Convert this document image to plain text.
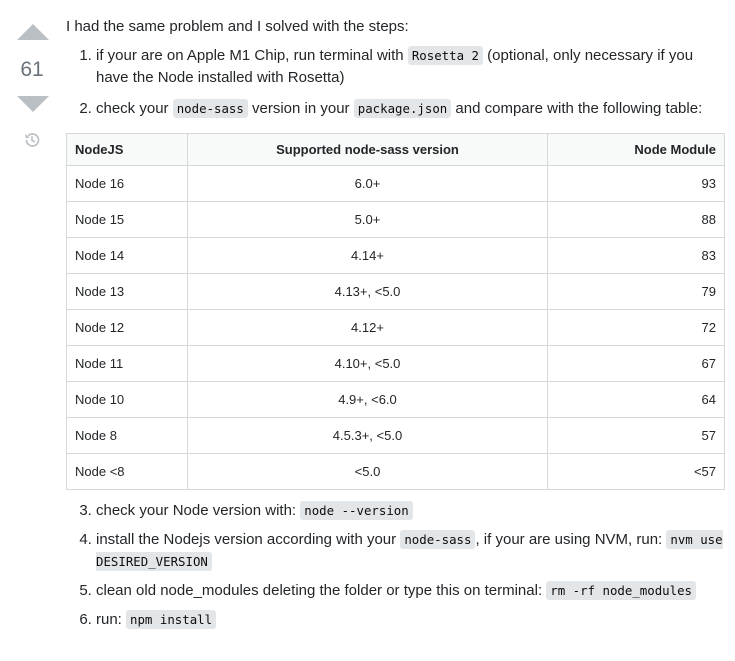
61

I had the same problem and I solved with the steps:

1. if your are on Apple M1 Chip, run terminal with Rosetta 2 (optional, only necessary if you have the Node installed with Rosetta)
2. check your node-sass version in your package.json and compare with the following table:
NodeJS	Supported node-sass version	Node Module
Node 16	6.0+	93
Node 15	5.0+	88
Node 14	4.14+	83
Node 13	4.13+, <5.0	79
Node 12	4.12+	72
Node 11	4.10+, <5.0	67
Node 10	4.9+, <6.0	64
Node 8	4.5.3+, <5.0	57
Node <8	<5.0	<57
3. check your Node version with: node --version
4. install the Nodejs version according with your node-sass , if your are using NVM, run: nvm use DESIRED_VERSION
5. clean old node_modules deleting the folder or type this on terminal: rm -rf node_modules
6. run: npm install
